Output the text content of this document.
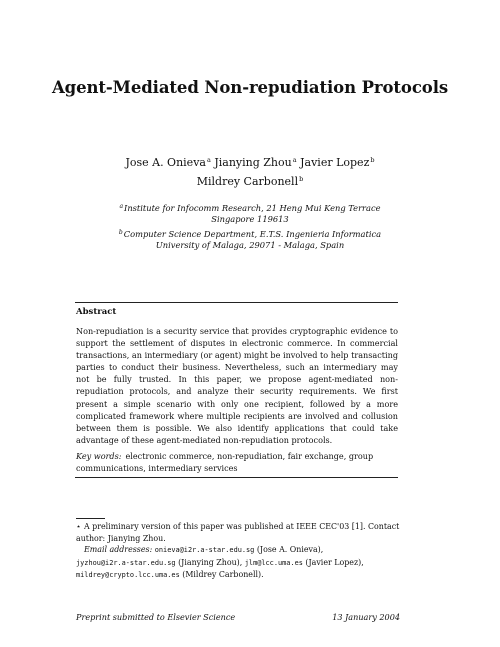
Agent-Mediated Non-repudiation Protocols
Jose A. Onieva$^a$ Jianying Zhou$^a$ Javier Lopez$^b$
Mildrey Carbonell$^b$
$^a$Institute for Infocomm Research, 21 Heng Mui Keng Terrace
Singapore 119613
$^b$Computer Science Department, E.T.S. Ingenieria Informatica
University of Malaga, 29071 - Malaga, Spain
Abstract
Non-repudiation is a security service that provides cryptographic evidence to support the settlement of disputes in electronic commerce. In commercial transactions, an intermediary (or agent) might be involved to help transacting parties to conduct their business. Nevertheless, such an intermediary may not be fully trusted. In this paper, we propose agent-mediated non-repudiation protocols, and analyze their security requirements. We first present a simple scenario with only one recipient, followed by a more complicated framework where multiple recipients are involved and collusion between them is possible. We also identify applications that could take advantage of these agent-mediated non-repudiation protocols.
Key words: electronic commerce, non-repudiation, fair exchange, group communications, intermediary services
⋆ A preliminary version of this paper was published at IEEE CEC'03 [1]. Contact author: Jianying Zhou.
Email addresses: onieva@i2r.a-star.edu.sg (Jose A. Onieva),
jyzhou@i2r.a-star.edu.sg (Jianying Zhou), jlm@lcc.uma.es (Javier Lopez),
mildrey@crypto.lcc.uma.es (Mildrey Carbonell).
Preprint submitted to Elsevier Science	13 January 2004
